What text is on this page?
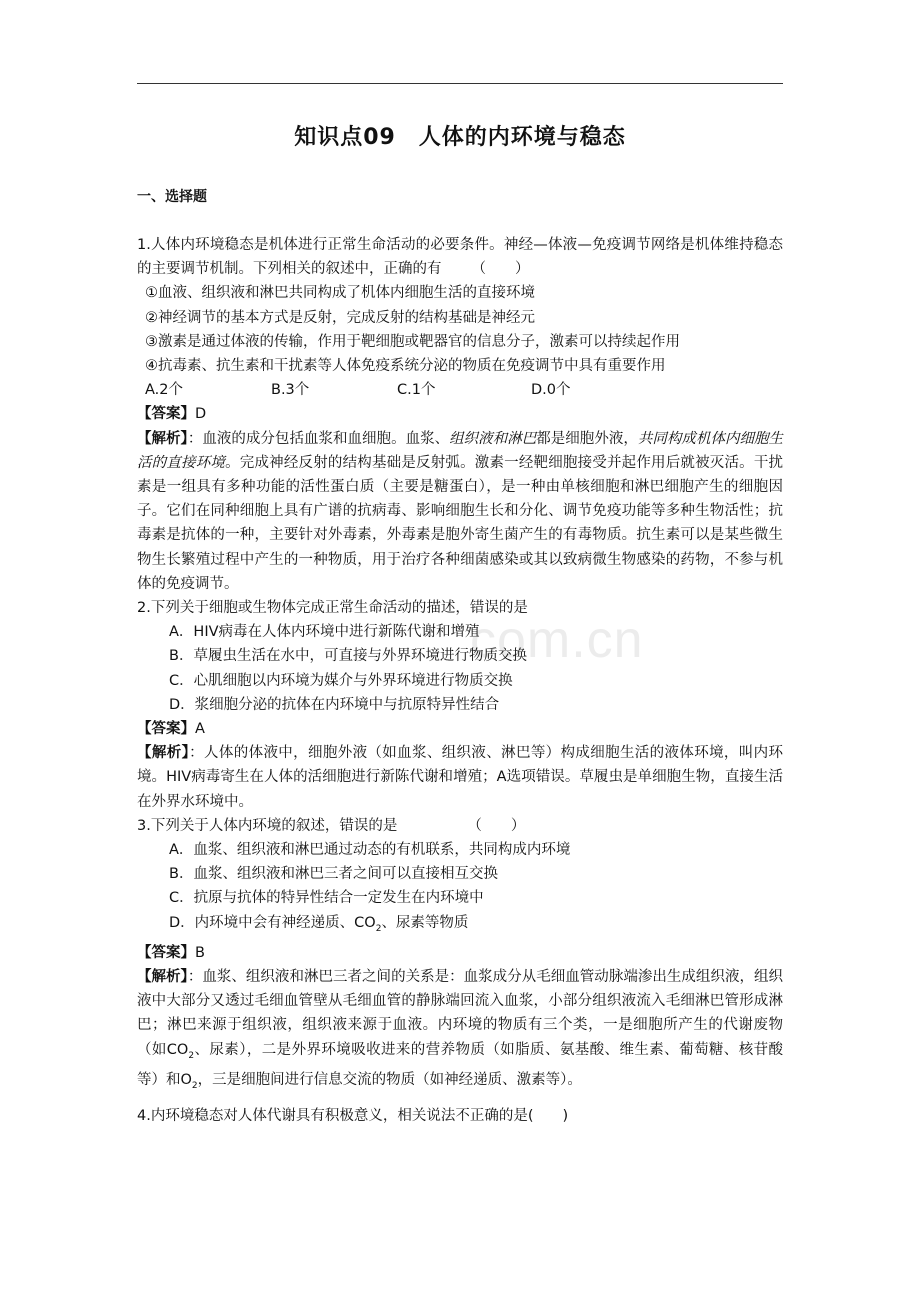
知识点09　人体的内环境与稳态
一、选择题
com.cn

1.人体内环境稳态是机体进行正常生命活动的必要条件。神经—体液—免疫调节网络是机体维持稳态的主要调节机制。下列相关的叙述中，正确的有 （　　）

①血液、组织液和淋巴共同构成了机体内细胞生活的直接环境

②神经调节的基本方式是反射，完成反射的结构基础是神经元

③激素是通过体液的传输，作用于靶细胞或靶器官的信息分子，激素可以持续起作用

④抗毒素、抗生素和干扰素等人体免疫系统分泌的物质在免疫调节中具有重要作用

A.2个	B.3个	C.1个	D.0个

【答案】D

【解析】：血液的成分包括血浆和血细胞。血浆、组织液和淋巴都是细胞外液，共同构成机体内细胞生活的直接环境。完成神经反射的结构基础是反射弧。激素一经靶细胞接受并起作用后就被灭活。干扰素是一组具有多种功能的活性蛋白质（主要是糖蛋白），是一种由单核细胞和淋巴细胞产生的细胞因子。它们在同种细胞上具有广谱的抗病毒、影响细胞生长和分化、调节免疫功能等多种生物活性；抗毒素是抗体的一种，主要针对外毒素，外毒素是胞外寄生菌产生的有毒物质。抗生素可以是某些微生物生长繁殖过程中产生的一种物质，用于治疗各种细菌感染或其以致病微生物感染的药物，不参与机体的免疫调节。

2.下列关于细胞或生物体完成正常生命活动的描述，错误的是

A．HIV病毒在人体内环境中进行新陈代谢和增殖

B．草履虫生活在水中，可直接与外界环境进行物质交换

C．心肌细胞以内环境为媒介与外界环境进行物质交换

D．浆细胞分泌的抗体在内环境中与抗原特异性结合

【答案】A

【解析】：人体的体液中，细胞外液（如血浆、组织液、淋巴等）构成细胞生活的液体环境，叫内环境。HIV病毒寄生在人体的活细胞进行新陈代谢和增殖；A选项错误。草履虫是单细胞生物，直接生活在外界水环境中。

3.下列关于人体内环境的叙述，错误的是	（　　）

A．血浆、组织液和淋巴通过动态的有机联系，共同构成内环境

B．血浆、组织液和淋巴三者之间可以直接相互交换

C．抗原与抗体的特异性结合一定发生在内环境中

D．内环境中会有神经递质、$CO_2$、尿素等物质

【答案】B

【解析】：血浆、组织液和淋巴三者之间的关系是：血浆成分从毛细血管动脉端渗出生成组织液，组织液中大部分又透过毛细血管壁从毛细血管的静脉端回流入血浆，小部分组织液流入毛细淋巴管形成淋巴；淋巴来源于组织液，组织液来源于血液。内环境的物质有三个类，一是细胞所产生的代谢废物（如$CO_2$、尿素），二是外界环境吸收进来的营养物质（如脂质、氨基酸、维生素、葡萄糖、核苷酸等）和$O_2$，三是细胞间进行信息交流的物质（如神经递质、激素等）。

4.内环境稳态对人体代谢具有积极意义，相关说法不正确的是(　　)
